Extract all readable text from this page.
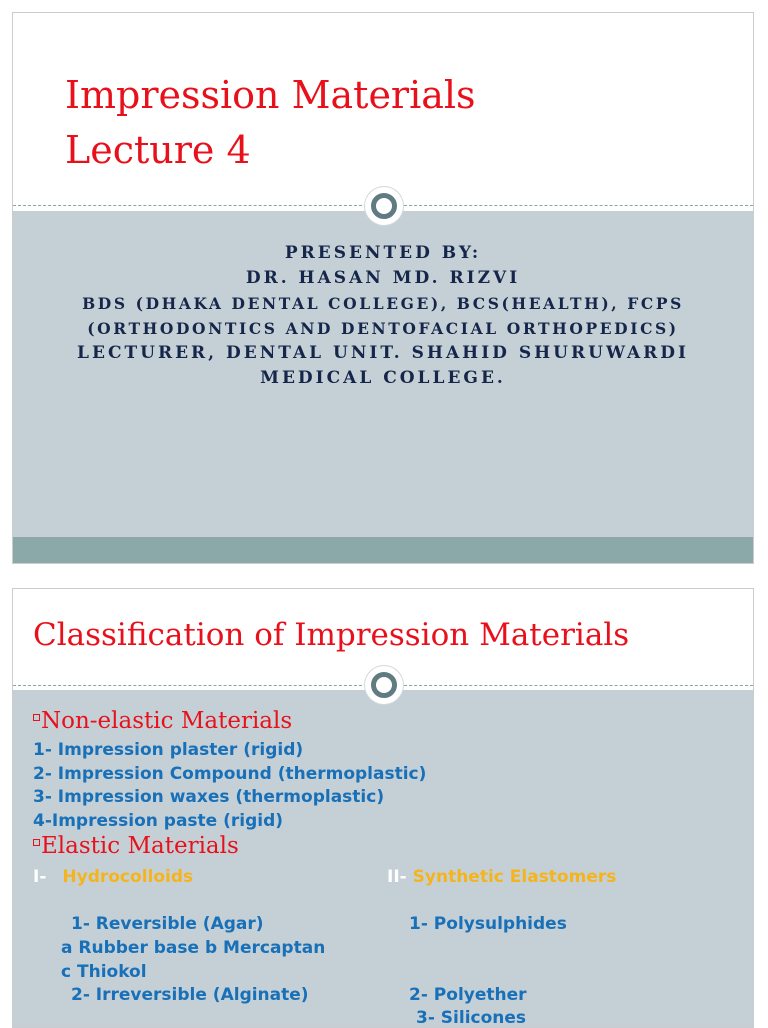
Impression Materials
Lecture 4
PRESENTED BY:
DR. HASAN MD. RIZVI
BDS (DHAKA DENTAL COLLEGE), BCS(HEALTH), FCPS
(ORTHODONTICS AND DENTOFACIAL ORTHOPEDICS)
LECTURER, DENTAL UNIT. SHAHID SHURUWARDI
MEDICAL COLLEGE.
Classification of Impression Materials
Non-elastic Materials
1- Impression plaster (rigid)
2- Impression Compound (thermoplastic)
3- Impression waxes (thermoplastic)
4-Impression paste (rigid)
Elastic Materials
I- Hydrocolloids	II- Synthetic Elastomers
1- Reversible (Agar)	1- Polysulphides
a Rubber base b Mercaptan
c Thiokol
2- Irreversible (Alginate)	2- Polyether
3- Silicones
